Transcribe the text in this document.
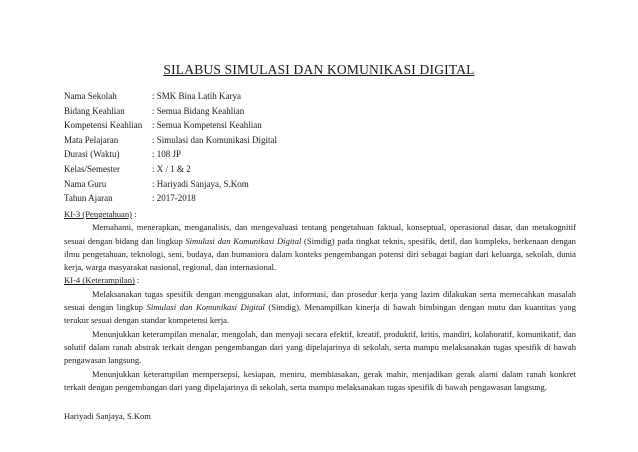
SILABUS SIMULASI DAN KOMUNIKASI DIGITAL
Nama Sekolah	: SMK Bina Latih Karya
Bidang Keahlian	: Semua Bidang Keahlian
Kompetensi Keahlian	: Semua Kompetensi Keahlian
Mata Pelajaran	: Simulasi dan Komunikasi Digital
Durasi (Waktu)	: 108 JP
Kelas/Semester	: X / 1 & 2
Nama Guru	: Hariyadi Sanjaya, S.Kom
Tahun Ajaran	: 2017-2018

KI-3 (Pengetahuan) :

Memahami, menerapkan, menganalisis, dan mengevaluasi tentang pengetahuan faktual, konseptual, operasional dasar, dan metakognitif sesuai dengan bidang dan lingkup Simulasi dan Komunikasi Digital (Simdig) pada tingkat teknis, spesifik, detil, dan kompleks, berkenaan dengan ilmu pengetahuan, teknologi, seni, budaya, dan humaniora dalam konteks pengembangan potensi diri sebagai bagian dari keluarga, sekolah, dunia kerja, warga masyarakat nasional, regional, dan internasional.

KI-4 (Keterampilan) :

Melaksanakan tugas spesifik dengan menggunakan alat, informasi, dan prosedur kerja yang lazim dilakukan serta memecahkan masalah sesuai dengan lingkup Simulasi dan Komunikasi Digital (Simdig). Menampilkan kinerja di bawah bimbingan dengan mutu dan kuantitas yang terukur sesuai dengan standar kompetensi kerja.

Menunjukkan keterampilan menalar, mengolah, dan menyaji secara efektif, kreatif, produktif, kritis, mandiri, kolaboratif, komunikatif, dan solutif dalam ranah abstrak terkait dengan pengembangan dari yang dipelajarinya di sekolah, serta mampu melaksanakan tugas spesifik di bawah pengawasan langsung.

Menunjukkan keterampilan mempersepsi, kesiapan, meniru, membiasakan, gerak mahir, menjadikan gerak alami dalam ranah konkret terkait dengan pengembangan dari yang dipelajarinya di sekolah, serta mampu melaksanakan tugas spesifik di bawah pengawasan langsung.

Hariyadi Sanjaya, S.Kom
